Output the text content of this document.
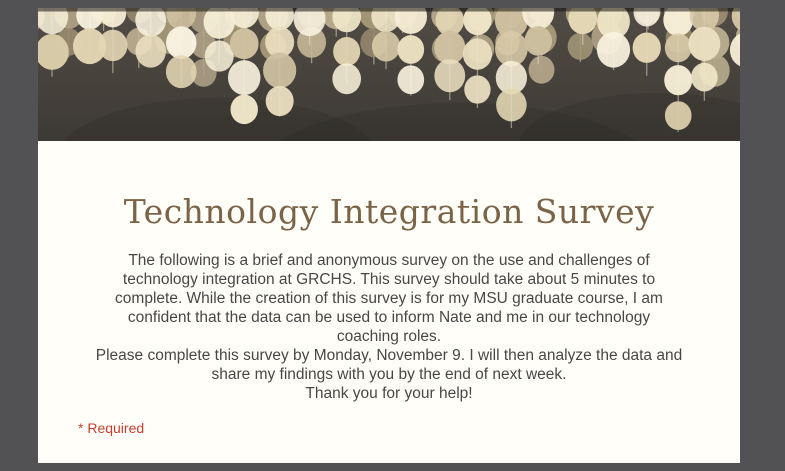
Technology Integration Survey
The following is a brief and anonymous survey on the use and challenges of
technology integration at GRCHS. This survey should take about 5 minutes to
complete. While the creation of this survey is for my MSU graduate course, I am
confident that the data can be used to inform Nate and me in our technology
coaching roles.
Please complete this survey by Monday, November 9. I will then analyze the data and
share my findings with you by the end of next week.
Thank you for your help!
* Required
